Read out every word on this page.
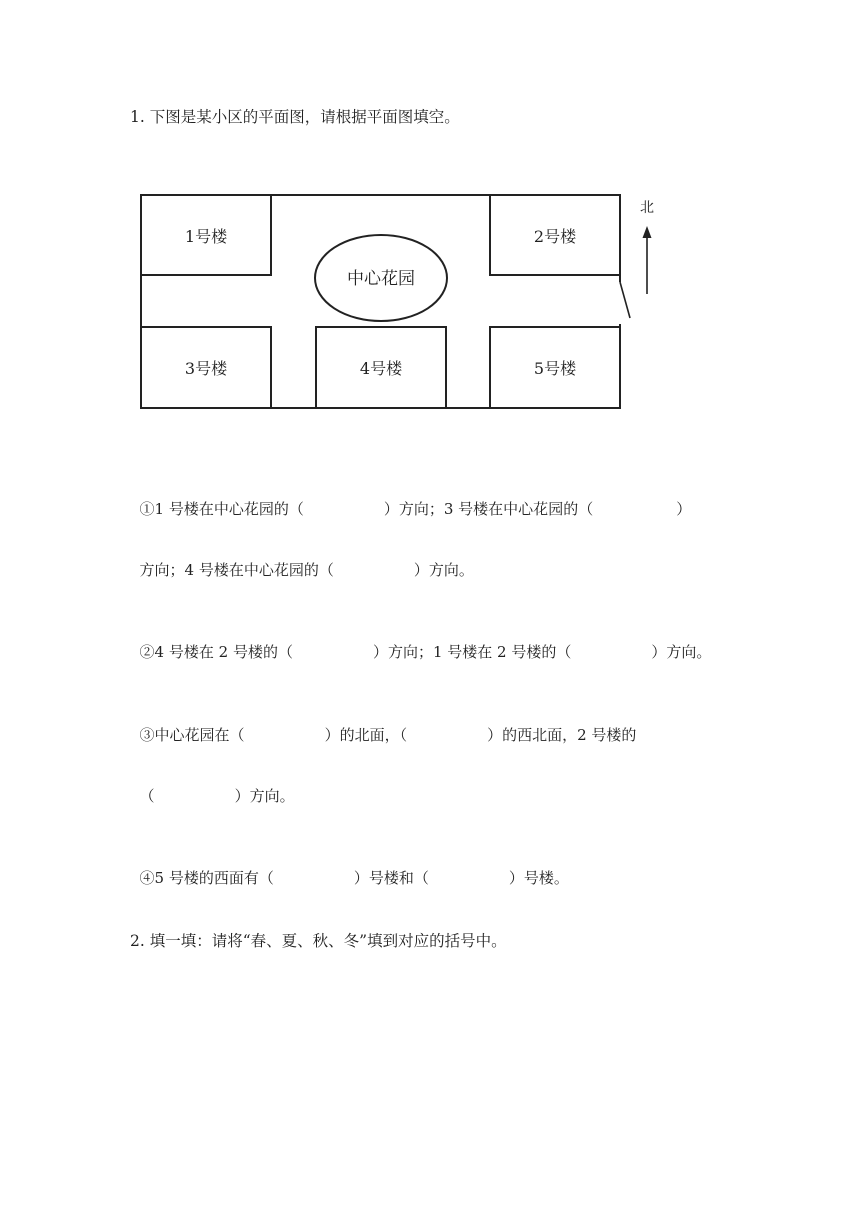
1. 下图是某小区的平面图，请根据平面图填空。
1号楼	2号楼
3号楼	4号楼	5号楼
中心花园
北

①1 号楼在中心花园的（	）方向；3 号楼在中心花园的（	）

方向；4 号楼在中心花园的（	）方向。

②4 号楼在 2 号楼的（	）方向；1 号楼在 2 号楼的（	）方向。

③中心花园在（	）的北面，（	）的西北面，2 号楼的

（	）方向。

④5 号楼的西面有（	）号楼和（	）号楼。

2. 填一填：请将“春、夏、秋、冬”填到对应的括号中。
